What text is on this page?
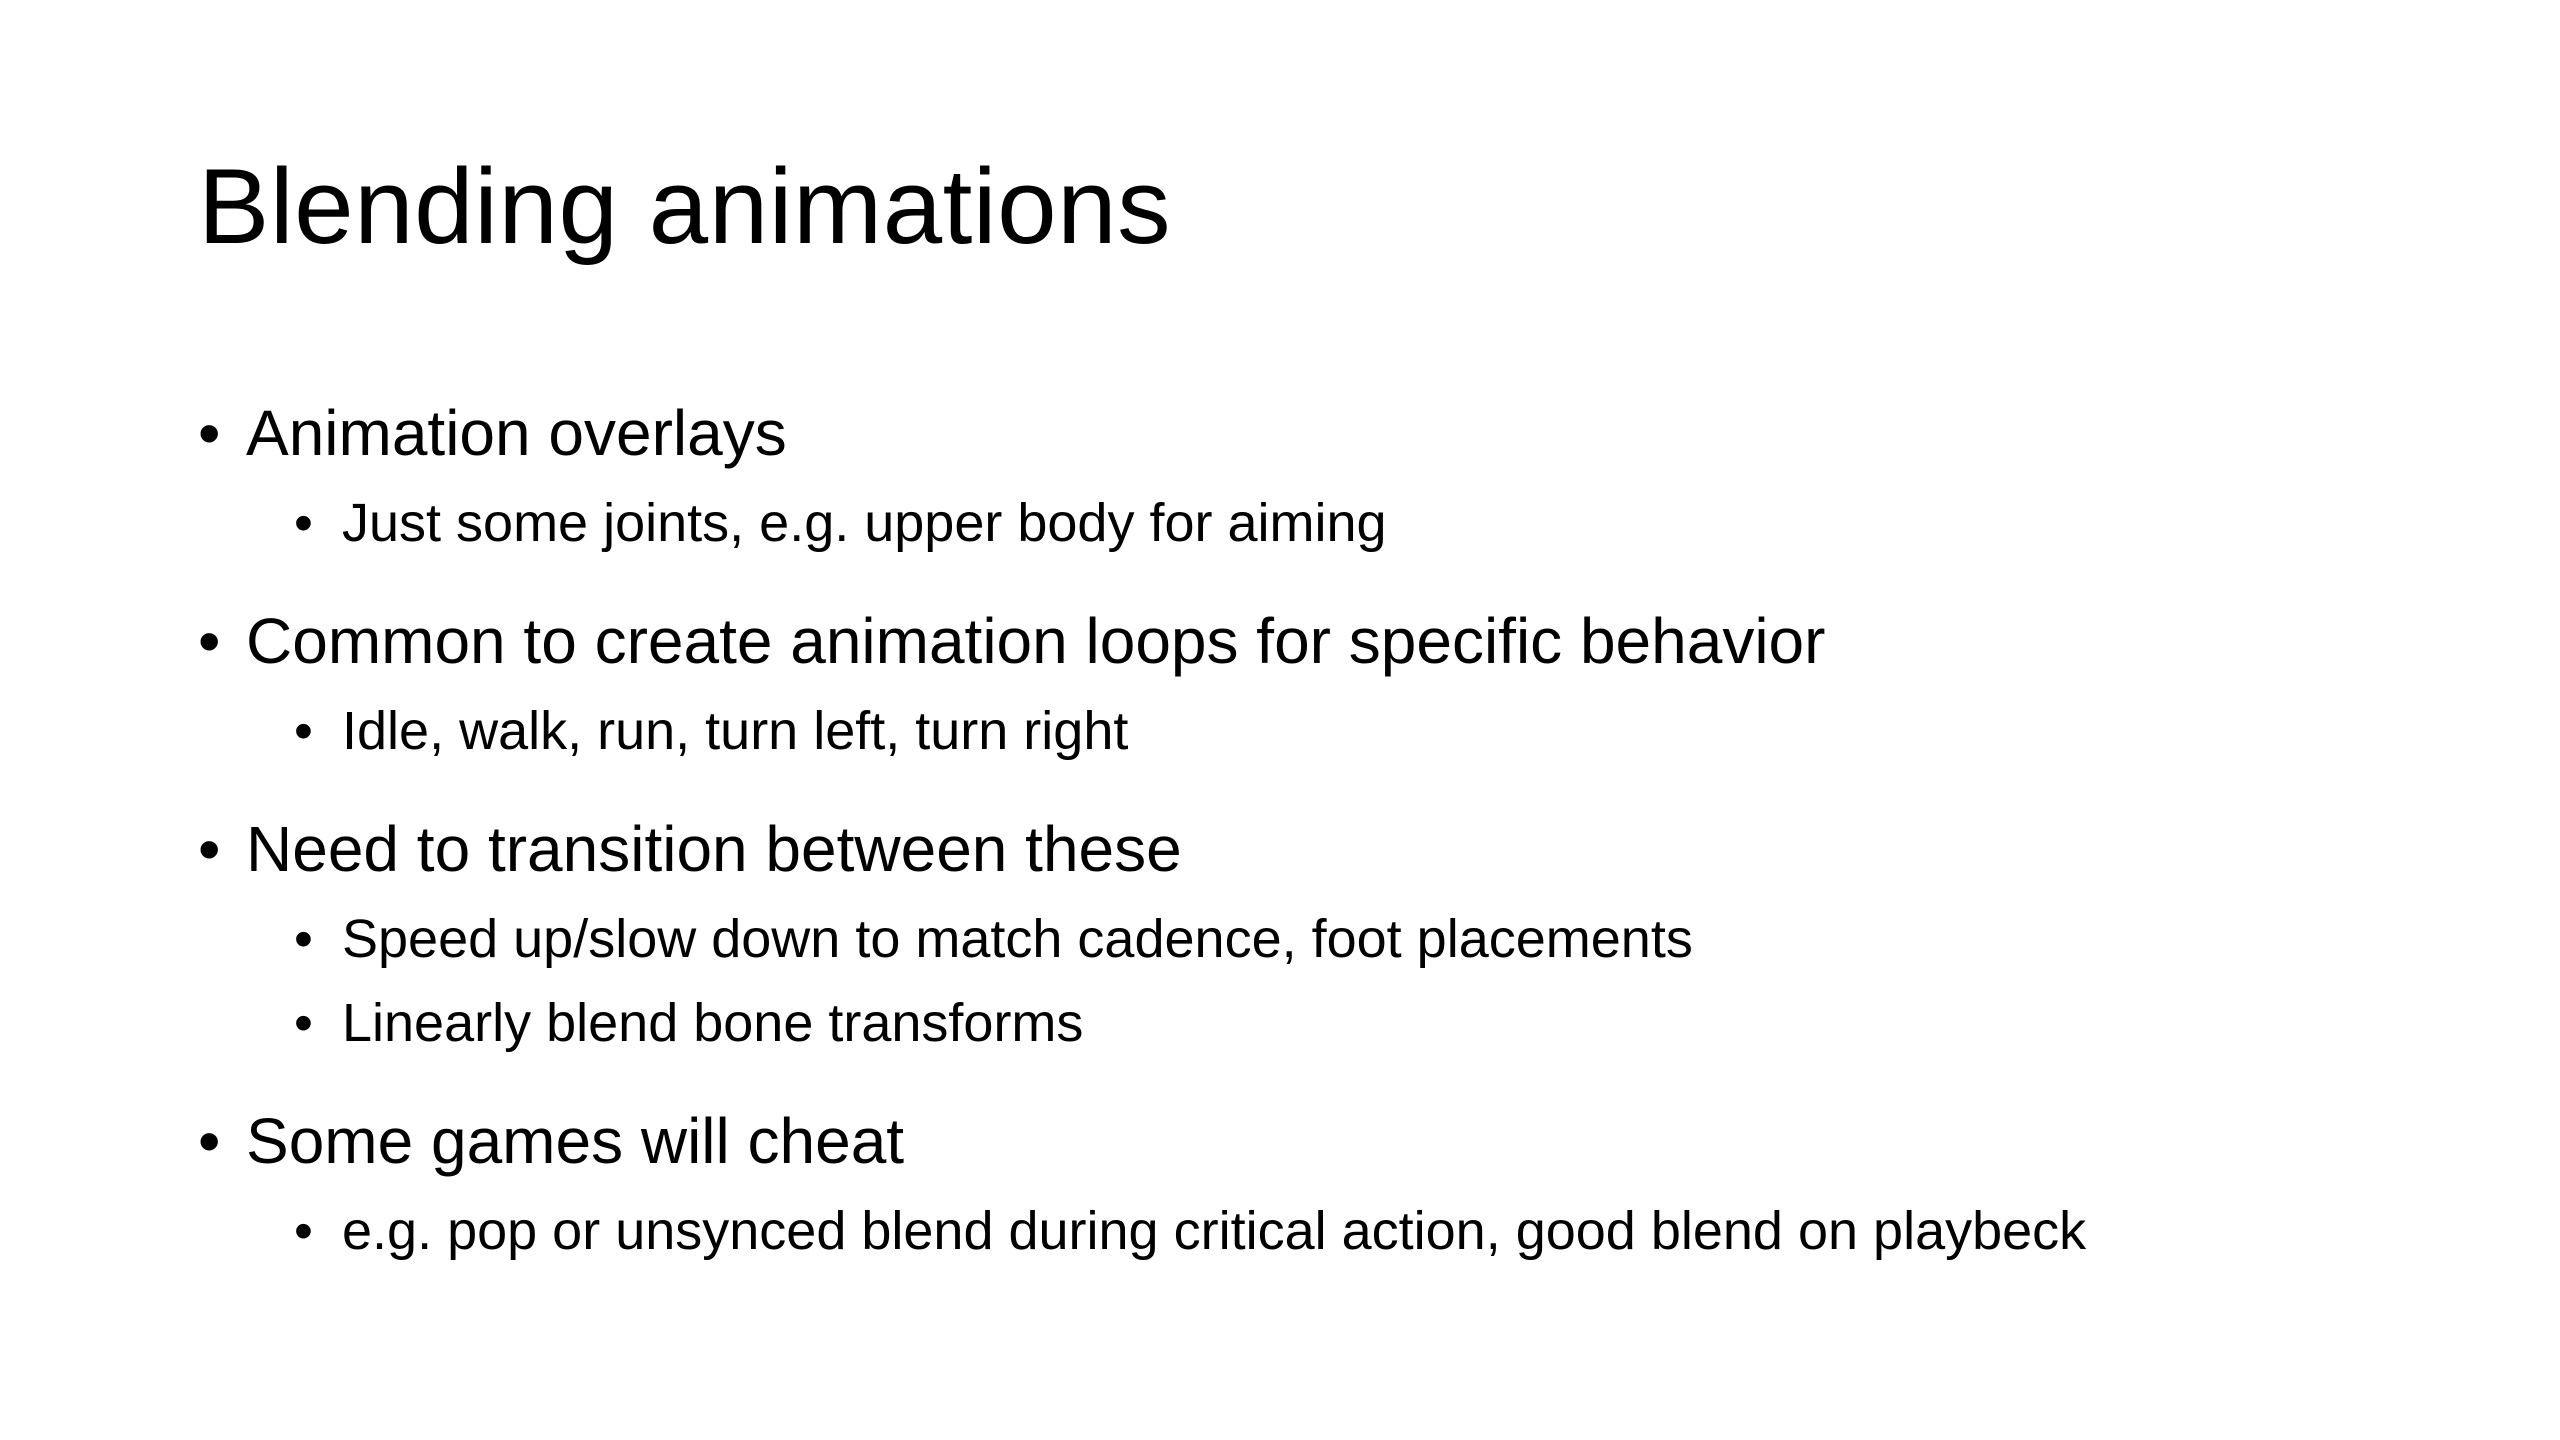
Blending animations
• Animation overlays
• Just some joints, e.g. upper body for aiming
• Common to create animation loops for specific behavior
• Idle, walk, run, turn left, turn right
• Need to transition between these
• Speed up/slow down to match cadence, foot placements
• Linearly blend bone transforms
• Some games will cheat
• e.g. pop or unsynced blend during critical action, good blend on playbeck
